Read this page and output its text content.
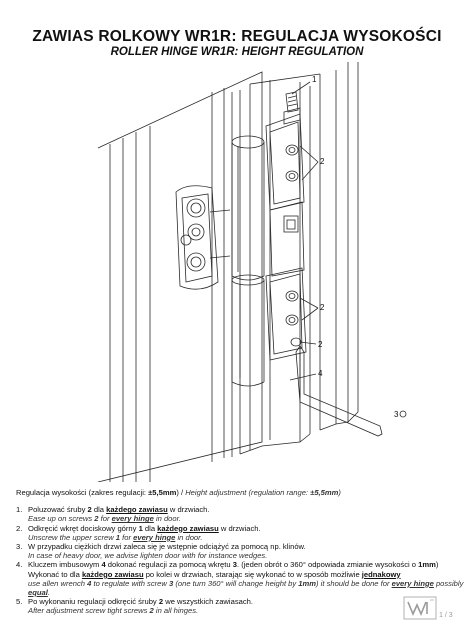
ZAWIAS ROLKOWY WR1R: REGULACJA WYSOKOŚCI
ROLLER HINGE WR1R: HEIGHT REGULATION
1
2
2
2
4
3
Regulacja wysokości (zakres regulacji: ±5,5mm) / Height adjustment (regulation range: ±5,5mm)
1. Poluzować śruby 2 dla każdego zawiasu w drzwiach.
Ease up on screws 2 for every hinge in door.
2. Odkręcić wkręt dociskowy górny 1 dla każdego zawiasu w drzwiach.
Unscrew the upper screw 1 for every hinge in door.
3. W przypadku ciężkich drzwi zaleca się je wstępnie odciążyć za pomocą np. klinów.
In case of heavy door, we advise lighten door with for instance wedges.
4. Kluczem imbusowym 4 dokonać regulacji za pomocą wkrętu 3. (jeden obrót o 360° odpowiada zmianie wysokości o 1mm) Wykonać to dla każdego zawiasu po kolei w drzwiach, starając się wykonać to w sposób możliwie jednakowy
use allen wrench 4 to regulate with screw 3 (one turn 360° will change height by 1mm) it should be done for every hinge possibly equal.
5. Po wykonaniu regulacji odkręcić śruby 2 we wszystkich zawiasach.
After adjustment screw tight screws 2 in all hinges.
1 / 3
